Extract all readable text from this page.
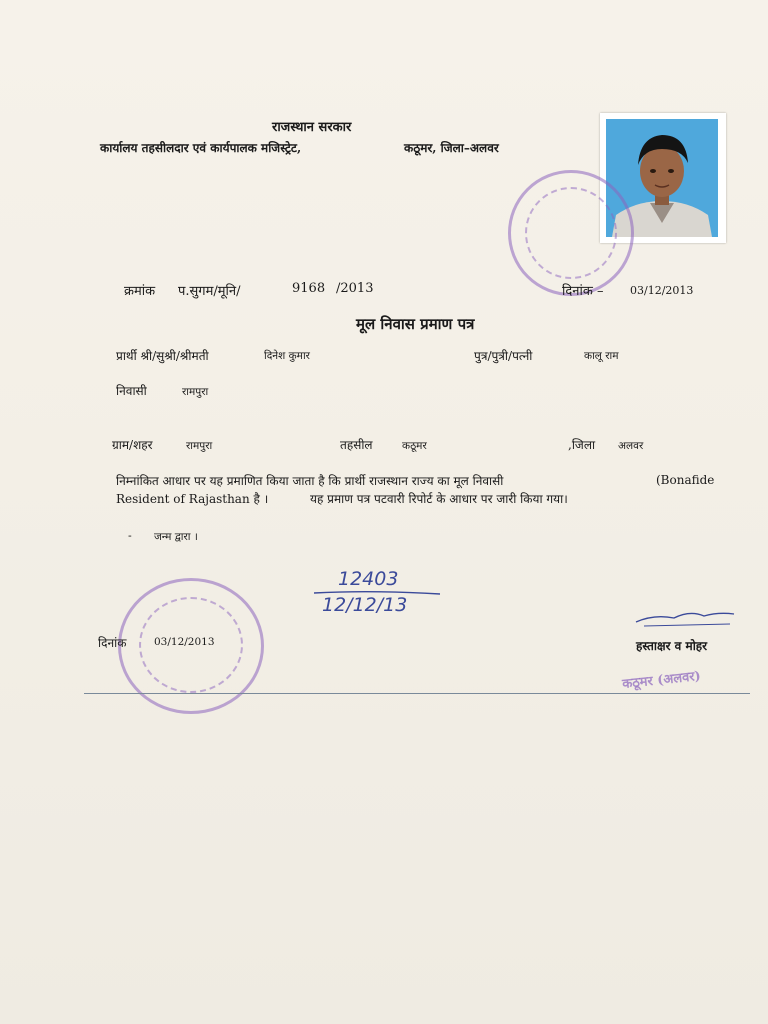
राजस्थान सरकार
कार्यालय तहसीलदार एवं कार्यपालक मजिस्ट्रेट,	कठूमर, जिला–अलवर
क्रमांक प.सुगम/मूनि/	9168 /2013	दिनांक – 03/12/2013
मूल निवास प्रमाण पत्र
प्रार्थी श्री/सुश्री/श्रीमती	दिनेश कुमार	पुत्र/पुत्री/पत्नी	कालू राम
निवासी	रामपुरा
ग्राम/शहर	रामपुरा	तहसील	कठूमर	,जिला अलवर
निम्नांकित आधार पर यह प्रमाणित किया जाता है कि प्रार्थी राजस्थान राज्य का मूल निवासी	(Bonafide
Resident of Rajasthan है ।	यह प्रमाण पत्र पटवारी रिपोर्ट के आधार पर जारी किया गया।
- जन्म द्वारा ।
12403
12/12/13
दिनांक	03/12/2013	हस्ताक्षर व मोहर
कठूमर (अलवर)
